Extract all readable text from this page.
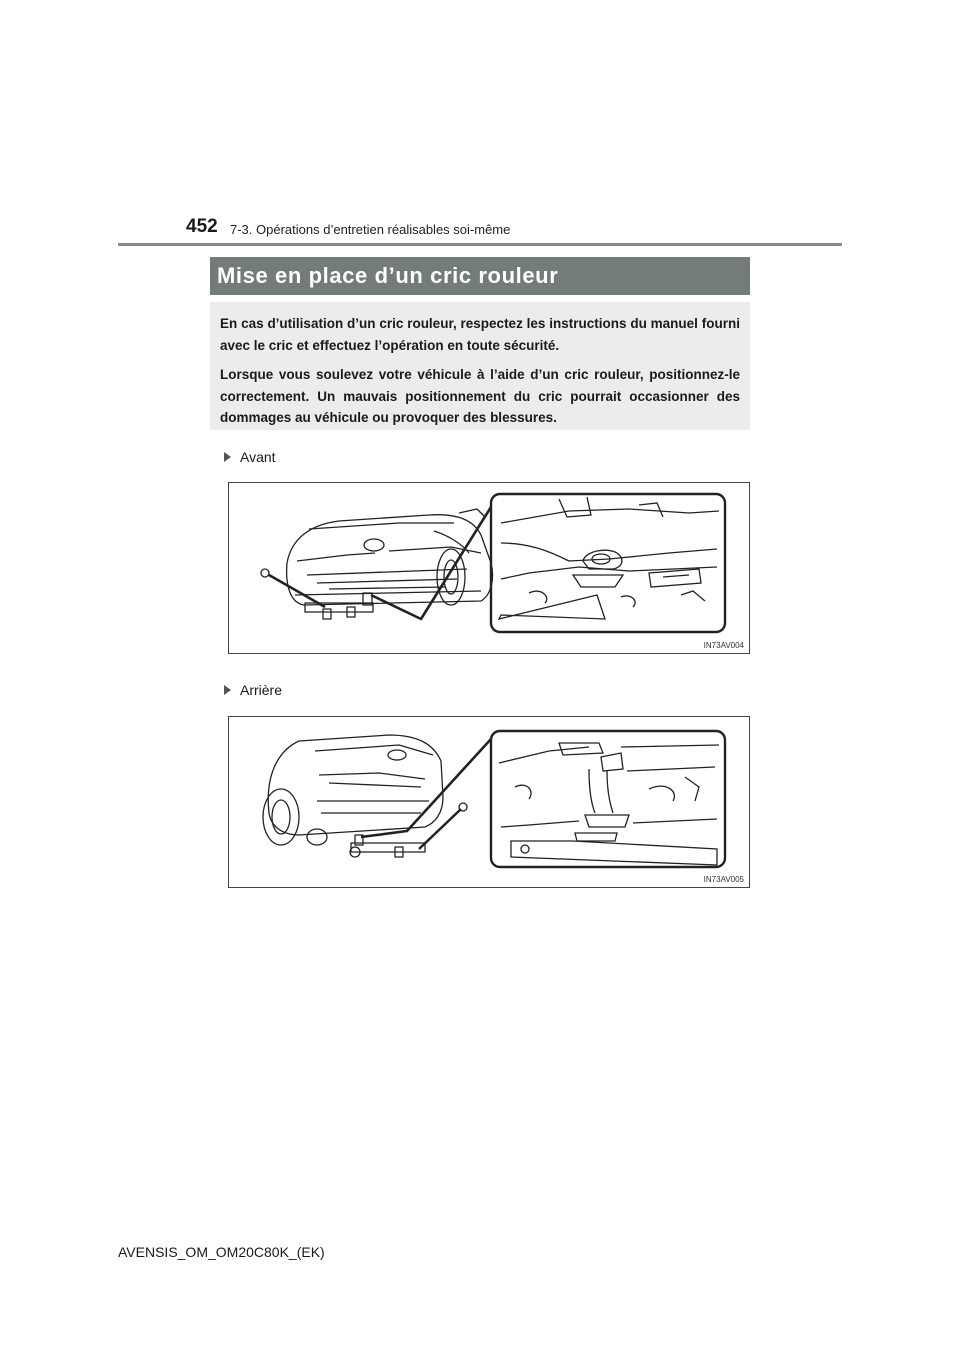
452 7-3. Opérations d’entretien réalisables soi-même
Mise en place d’un cric rouleur

En cas d’utilisation d’un cric rouleur, respectez les instructions du manuel fourni avec le cric et effectuez l’opération en toute sécurité.

Lorsque vous soulevez votre véhicule à l’aide d’un cric rouleur, positionnez-le correctement. Un mauvais positionnement du cric pourrait occasionner des dommages au véhicule ou provoquer des blessures.

Avant
IN73AV004
Arrière
IN73AV005
AVENSIS_OM_OM20C80K_(EK)
